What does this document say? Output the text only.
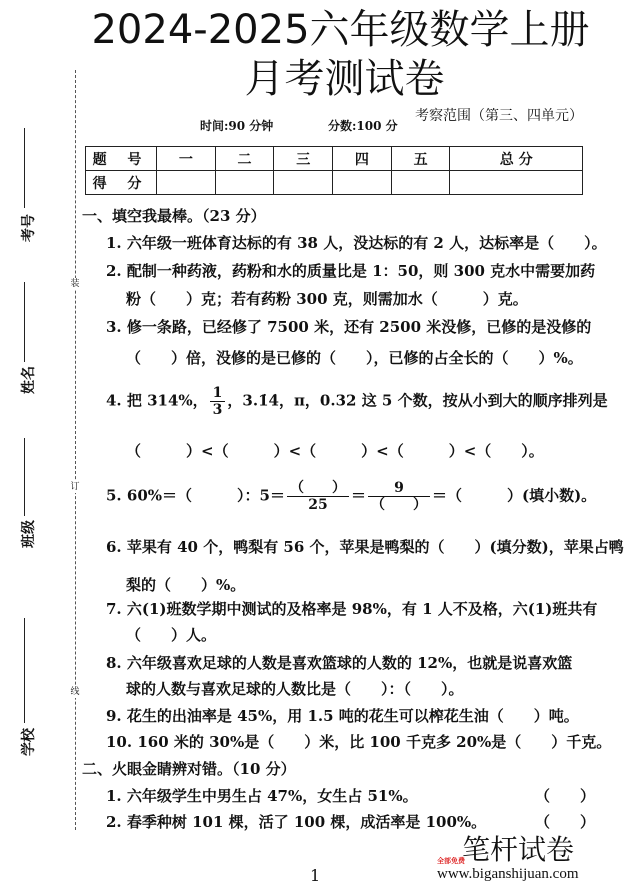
2024-2025六年级数学上册
月考测试卷
考察范围（第三、四单元）
时间:90 分钟	分数:100 分
装
订
线
考号
姓名
班级
学校
题 号	一	二	三	四	五	总 分
得 分						
一、填空我最棒。（23 分）
1. 六年级一班体育达标的有 38 人，没达标的有 2 人，达标率是（　　）。
2. 配制一种药液，药粉和水的质量比是 1：50，则 300 克水中需要加药
粉（　　）克；若有药粉 300 克，则需加水（　　　）克。
3. 修一条路，已经修了 7500 米，还有 2500 米没修，已修的是没修的
（　　）倍，没修的是已修的（　　），已修的占全长的（　　）%。
4. 把 314%， $\frac{1}{3}$ ，3.1̇4̇，π，0.32 这 5 个数，按从小到大的顺序排列是
（　　　）<（　　　）<（　　　）<（　　　）<（　　）。
5. 60%＝（　　　）：$5= \frac{( )}{25} = \frac{9}{( )}$ ＝（　　　）(填小数)。
6. 苹果有 40 个，鸭梨有 56 个，苹果是鸭梨的（　　）(填分数)，苹果占鸭
梨的（　　）%。
7. 六(1)班数学期中测试的及格率是 98%，有 1 人不及格，六(1)班共有
（　　）人。
8. 六年级喜欢足球的人数是喜欢篮球的人数的 12%，也就是说喜欢篮
球的人数与喜欢足球的人数比是（　　）：（　　）。
9. 花生的出油率是 45%，用 1.5 吨的花生可以榨花生油（　　）吨。
10. 160 米的 30%是（　　）米，比 100 千克多 20%是（　　）千克。
二、火眼金睛辨对错。（10 分）
1. 六年级学生中男生占 47%，女生占 51%。	（　　）
2. 春季种树 101 棵，活了 100 棵，成活率是 100%。	（　　）
1
笔杆试卷
全部免费
www.biganshijuan.com
